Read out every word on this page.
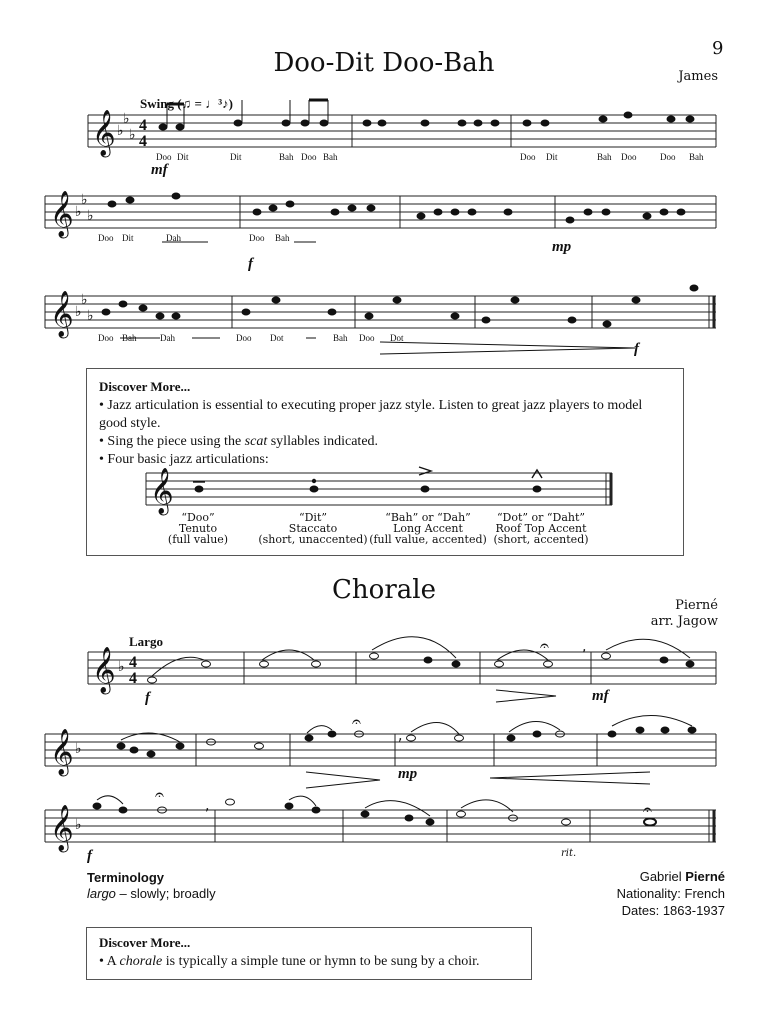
9
Doo-Dit Doo-Bah	James
Swing (♫ = ♩³♪)
𝄞
𝄞
𝄞
𝄞
𝄞
𝄞
𝄞
♭
♭
♭
♭
♭
♭
♭
♭
♭
♭
♭
♭
4
4
4
4
𝄐
𝄐
𝄐
𝄐
,
,
,
mf
f
mp
f
Doo Dit	Dit	Bah Doo Bah	Doo Dit	Bah Doo	Doo Bah
Doo Dit	Dah	Doo Bah
Doo Bah	Dah	Doo Dot	Bah Doo Dot
Discover More...
• Jazz articulation is essential to executing proper jazz style. Listen to great jazz players to model good style.
• Sing the piece using the scat syllables indicated.
• Four basic jazz articulations:
“Doo”
Tenuto
(full value)
“Dit”
Staccato
(short, unaccented)
“Bah” or “Dah”
Long Accent
(full value, accented)
“Dot” or “Daht”
Roof Top Accent
(short, accented)
Chorale
Pierné
arr. Jagow
Largo
f	mf
mp
f	rit.
Terminology
largo – slowly; broadly
Gabriel Pierné
Nationality: French
Dates: 1863-1937
Discover More...
• A chorale is typically a simple tune or hymn to be sung by a choir.
